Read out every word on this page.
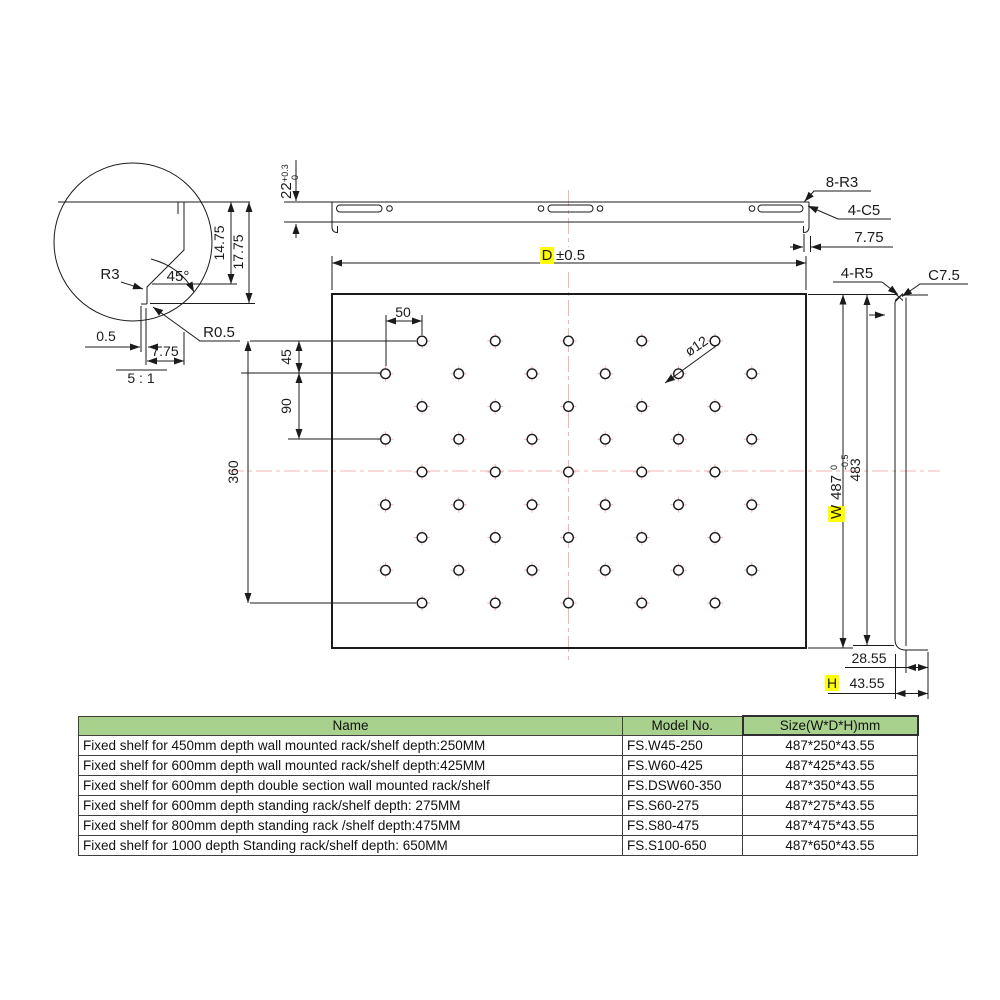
0.5
7.75
R3	45°
R0.5
14.75 17.75
5 : 1
22
+0.3 0	8-R3
4-C5
7.75
D ±0.5
50
45
90
360
ø12
W
487
0 -0.5
483
4-R5	C7.5
28.55
H 43.55
Name	Model No.	Size(W*D*H)mm
Fixed shelf for 450mm depth wall mounted rack/shelf depth:250MM	FS.W45-250	487*250*43.55
Fixed shelf for 600mm depth wall mounted rack/shelf depth:425MM	FS.W60-425	487*425*43.55
Fixed shelf for 600mm depth double section wall mounted rack/shelf	FS.DSW60-350	487*350*43.55
Fixed shelf for 600mm depth standing rack/shelf depth: 275MM	FS.S60-275	487*275*43.55
Fixed shelf for 800mm depth standing rack /shelf depth:475MM	FS.S80-475	487*475*43.55
Fixed shelf for 1000 depth Standing rack/shelf depth: 650MM	FS.S100-650	487*650*43.55
